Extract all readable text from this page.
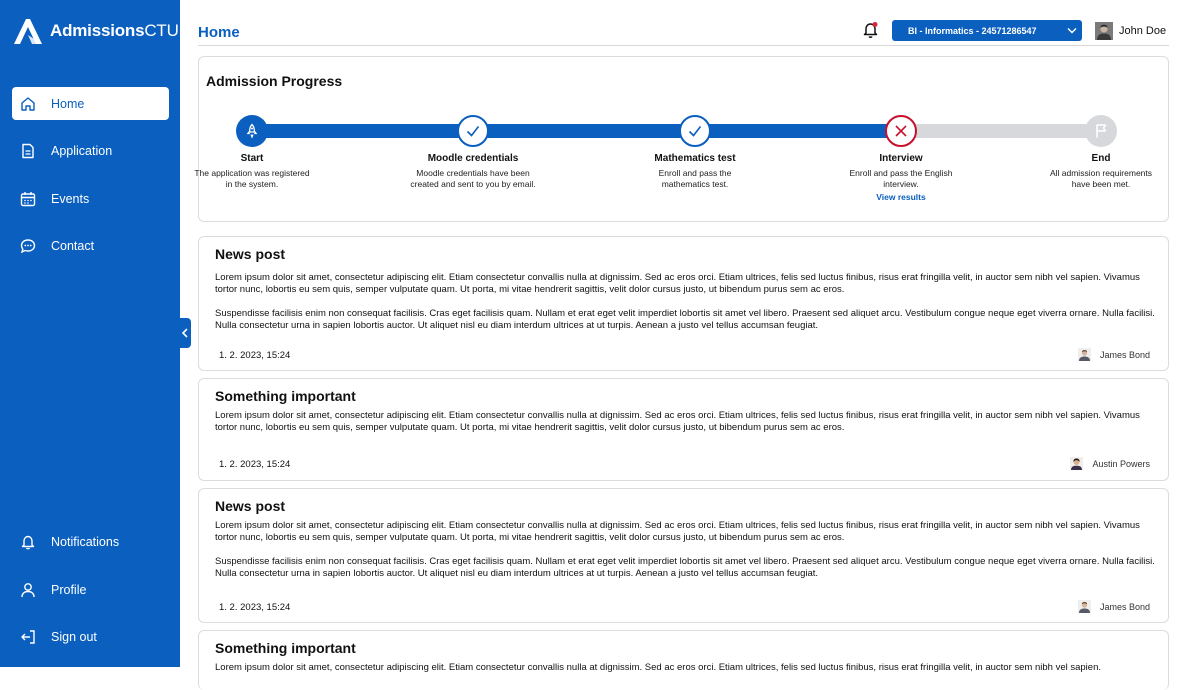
AdmissionsCTU
Home
Application
Events
Contact
Notifications
Profile
Sign out
Home	BI - Informatics - 24571286547	John Doe
Admission Progress
Start
The application was registered in the system.
Moodle credentials
Moodle credentials have been created and sent to you by email.
Mathematics test
Enroll and pass the mathematics test.
Interview
Enroll and pass the English interview.
View results
End
All admission requirements have been met.
News post
Lorem ipsum dolor sit amet, consectetur adipiscing elit. Etiam consectetur convallis nulla at dignissim. Sed ac eros orci. Etiam ultrices, felis sed luctus finibus, risus erat fringilla velit, in auctor sem nibh vel sapien. Vivamus tortor nunc, lobortis eu sem quis, semper vulputate quam. Ut porta, mi vitae hendrerit sagittis, velit dolor cursus justo, ut bibendum purus sem ac eros.
Suspendisse facilisis enim non consequat facilisis. Cras eget facilisis quam. Nullam et erat eget velit imperdiet lobortis sit amet vel libero. Praesent sed aliquet arcu. Vestibulum congue neque eget viverra ornare. Nulla facilisi. Nulla consectetur urna in sapien lobortis auctor. Ut aliquet nisl eu diam interdum ultrices at ut turpis. Aenean a justo vel tellus accumsan feugiat.
1. 2. 2023, 15:24	James Bond
Something important
Lorem ipsum dolor sit amet, consectetur adipiscing elit. Etiam consectetur convallis nulla at dignissim. Sed ac eros orci. Etiam ultrices, felis sed luctus finibus, risus erat fringilla velit, in auctor sem nibh vel sapien. Vivamus tortor nunc, lobortis eu sem quis, semper vulputate quam. Ut porta, mi vitae hendrerit sagittis, velit dolor cursus justo, ut bibendum purus sem ac eros.
1. 2. 2023, 15:24	Austin Powers
News post
Lorem ipsum dolor sit amet, consectetur adipiscing elit. Etiam consectetur convallis nulla at dignissim. Sed ac eros orci. Etiam ultrices, felis sed luctus finibus, risus erat fringilla velit, in auctor sem nibh vel sapien. Vivamus tortor nunc, lobortis eu sem quis, semper vulputate quam. Ut porta, mi vitae hendrerit sagittis, velit dolor cursus justo, ut bibendum purus sem ac eros.
Suspendisse facilisis enim non consequat facilisis. Cras eget facilisis quam. Nullam et erat eget velit imperdiet lobortis sit amet vel libero. Praesent sed aliquet arcu. Vestibulum congue neque eget viverra ornare. Nulla facilisi. Nulla consectetur urna in sapien lobortis auctor. Ut aliquet nisl eu diam interdum ultrices at ut turpis. Aenean a justo vel tellus accumsan feugiat.
1. 2. 2023, 15:24	James Bond
Something important
Lorem ipsum dolor sit amet, consectetur adipiscing elit. Etiam consectetur convallis nulla at dignissim. Sed ac eros orci. Etiam ultrices, felis sed luctus finibus, risus erat fringilla velit, in auctor sem nibh vel sapien.
